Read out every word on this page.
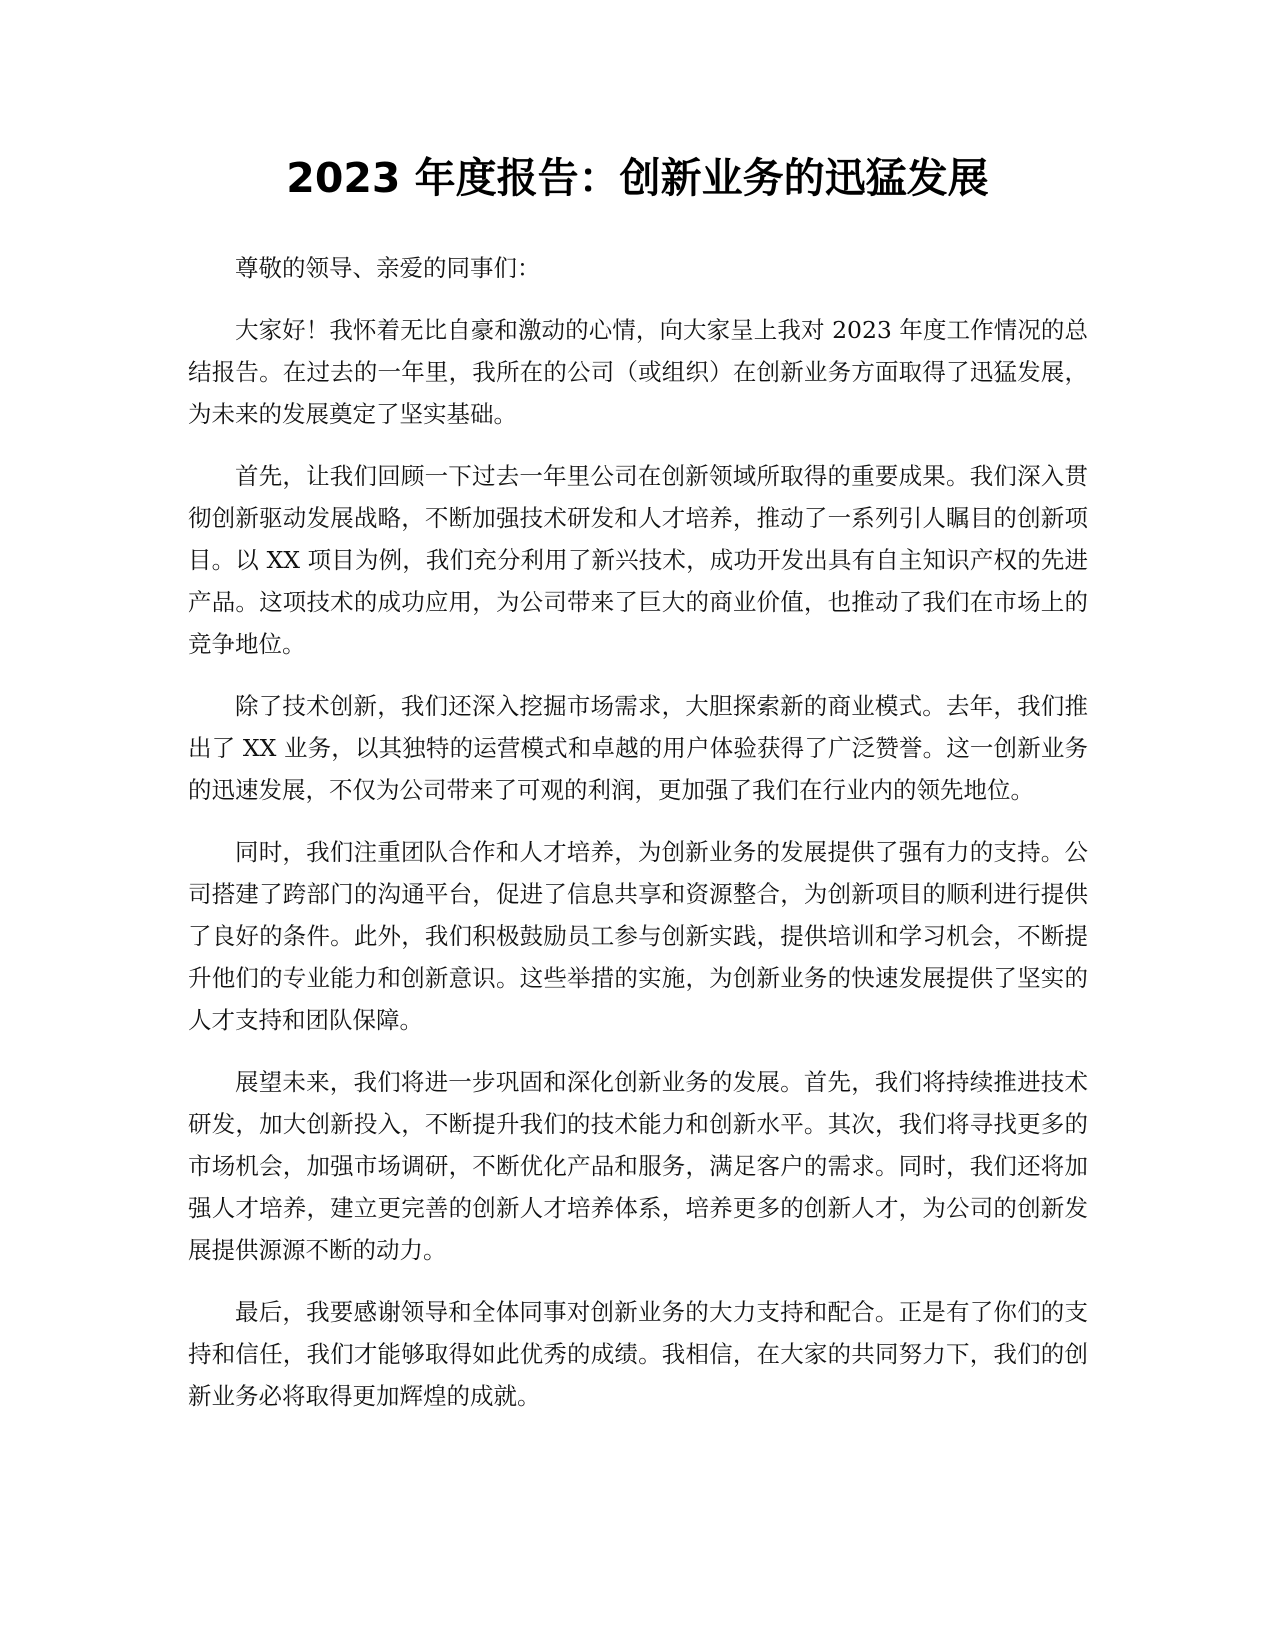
2023 年度报告：创新业务的迅猛发展

尊敬的领导、亲爱的同事们：

大家好！我怀着无比自豪和激动的心情，向大家呈上我对 2023 年度工作情况的总结报告。在过去的一年里，我所在的公司（或组织）在创新业务方面取得了迅猛发展，为未来的发展奠定了坚实基础。

首先，让我们回顾一下过去一年里公司在创新领域所取得的重要成果。我们深入贯彻创新驱动发展战略，不断加强技术研发和人才培养，推动了一系列引人瞩目的创新项目。以 XX 项目为例，我们充分利用了新兴技术，成功开发出具有自主知识产权的先进产品。这项技术的成功应用，为公司带来了巨大的商业价值，也推动了我们在市场上的竞争地位。

除了技术创新，我们还深入挖掘市场需求，大胆探索新的商业模式。去年，我们推出了 XX 业务，以其独特的运营模式和卓越的用户体验获得了广泛赞誉。这一创新业务的迅速发展，不仅为公司带来了可观的利润，更加强了我们在行业内的领先地位。

同时，我们注重团队合作和人才培养，为创新业务的发展提供了强有力的支持。公司搭建了跨部门的沟通平台，促进了信息共享和资源整合，为创新项目的顺利进行提供了良好的条件。此外，我们积极鼓励员工参与创新实践，提供培训和学习机会，不断提升他们的专业能力和创新意识。这些举措的实施，为创新业务的快速发展提供了坚实的人才支持和团队保障。

展望未来，我们将进一步巩固和深化创新业务的发展。首先，我们将持续推进技术研发，加大创新投入，不断提升我们的技术能力和创新水平。其次，我们将寻找更多的市场机会，加强市场调研，不断优化产品和服务，满足客户的需求。同时，我们还将加强人才培养，建立更完善的创新人才培养体系，培养更多的创新人才，为公司的创新发展提供源源不断的动力。

最后，我要感谢领导和全体同事对创新业务的大力支持和配合。正是有了你们的支持和信任，我们才能够取得如此优秀的成绩。我相信，在大家的共同努力下，我们的创新业务必将取得更加辉煌的成就。
